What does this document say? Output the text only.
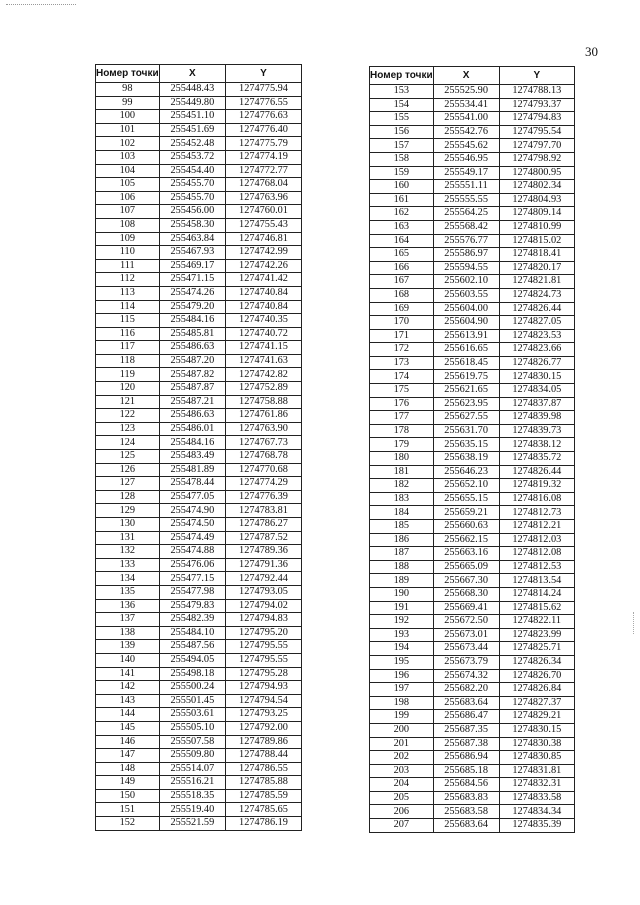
30
Номер точки	X	Y
98	255448.43	1274775.94
99	255449.80	1274776.55
100	255451.10	1274776.63
101	255451.69	1274776.40
102	255452.48	1274775.79
103	255453.72	1274774.19
104	255454.40	1274772.77
105	255455.70	1274768.04
106	255455.70	1274763.96
107	255456.00	1274760.01
108	255458.30	1274755.43
109	255463.84	1274746.81
110	255467.93	1274742.99
111	255469.17	1274742.26
112	255471.15	1274741.42
113	255474.26	1274740.84
114	255479.20	1274740.84
115	255484.16	1274740.35
116	255485.81	1274740.72
117	255486.63	1274741.15
118	255487.20	1274741.63
119	255487.82	1274742.82
120	255487.87	1274752.89
121	255487.21	1274758.88
122	255486.63	1274761.86
123	255486.01	1274763.90
124	255484.16	1274767.73
125	255483.49	1274768.78
126	255481.89	1274770.68
127	255478.44	1274774.29
128	255477.05	1274776.39
129	255474.90	1274783.81
130	255474.50	1274786.27
131	255474.49	1274787.52
132	255474.88	1274789.36
133	255476.06	1274791.36
134	255477.15	1274792.44
135	255477.98	1274793.05
136	255479.83	1274794.02
137	255482.39	1274794.83
138	255484.10	1274795.20
139	255487.56	1274795.55
140	255494.05	1274795.55
141	255498.18	1274795.28
142	255500.24	1274794.93
143	255501.45	1274794.54
144	255503.61	1274793.25
145	255505.10	1274792.00
146	255507.58	1274789.86
147	255509.80	1274788.44
148	255514.07	1274786.55
149	255516.21	1274785.88
150	255518.35	1274785.59
151	255519.40	1274785.65
152	255521.59	1274786.19
Номер точки	X	Y
153	255525.90	1274788.13
154	255534.41	1274793.37
155	255541.00	1274794.83
156	255542.76	1274795.54
157	255545.62	1274797.70
158	255546.95	1274798.92
159	255549.17	1274800.95
160	255551.11	1274802.34
161	255555.55	1274804.93
162	255564.25	1274809.14
163	255568.42	1274810.99
164	255576.77	1274815.02
165	255586.97	1274818.41
166	255594.55	1274820.17
167	255602.10	1274821.81
168	255603.55	1274824.73
169	255604.00	1274826.44
170	255604.90	1274827.05
171	255613.91	1274823.53
172	255616.65	1274823.66
173	255618.45	1274826.77
174	255619.75	1274830.15
175	255621.65	1274834.05
176	255623.95	1274837.87
177	255627.55	1274839.98
178	255631.70	1274839.73
179	255635.15	1274838.12
180	255638.19	1274835.72
181	255646.23	1274826.44
182	255652.10	1274819.32
183	255655.15	1274816.08
184	255659.21	1274812.73
185	255660.63	1274812.21
186	255662.15	1274812.03
187	255663.16	1274812.08
188	255665.09	1274812.53
189	255667.30	1274813.54
190	255668.30	1274814.24
191	255669.41	1274815.62
192	255672.50	1274822.11
193	255673.01	1274823.99
194	255673.44	1274825.71
195	255673.79	1274826.34
196	255674.32	1274826.70
197	255682.20	1274826.84
198	255683.64	1274827.37
199	255686.47	1274829.21
200	255687.35	1274830.15
201	255687.38	1274830.38
202	255686.94	1274830.85
203	255685.18	1274831.81
204	255684.56	1274832.31
205	255683.83	1274833.58
206	255683.58	1274834.34
207	255683.64	1274835.39
